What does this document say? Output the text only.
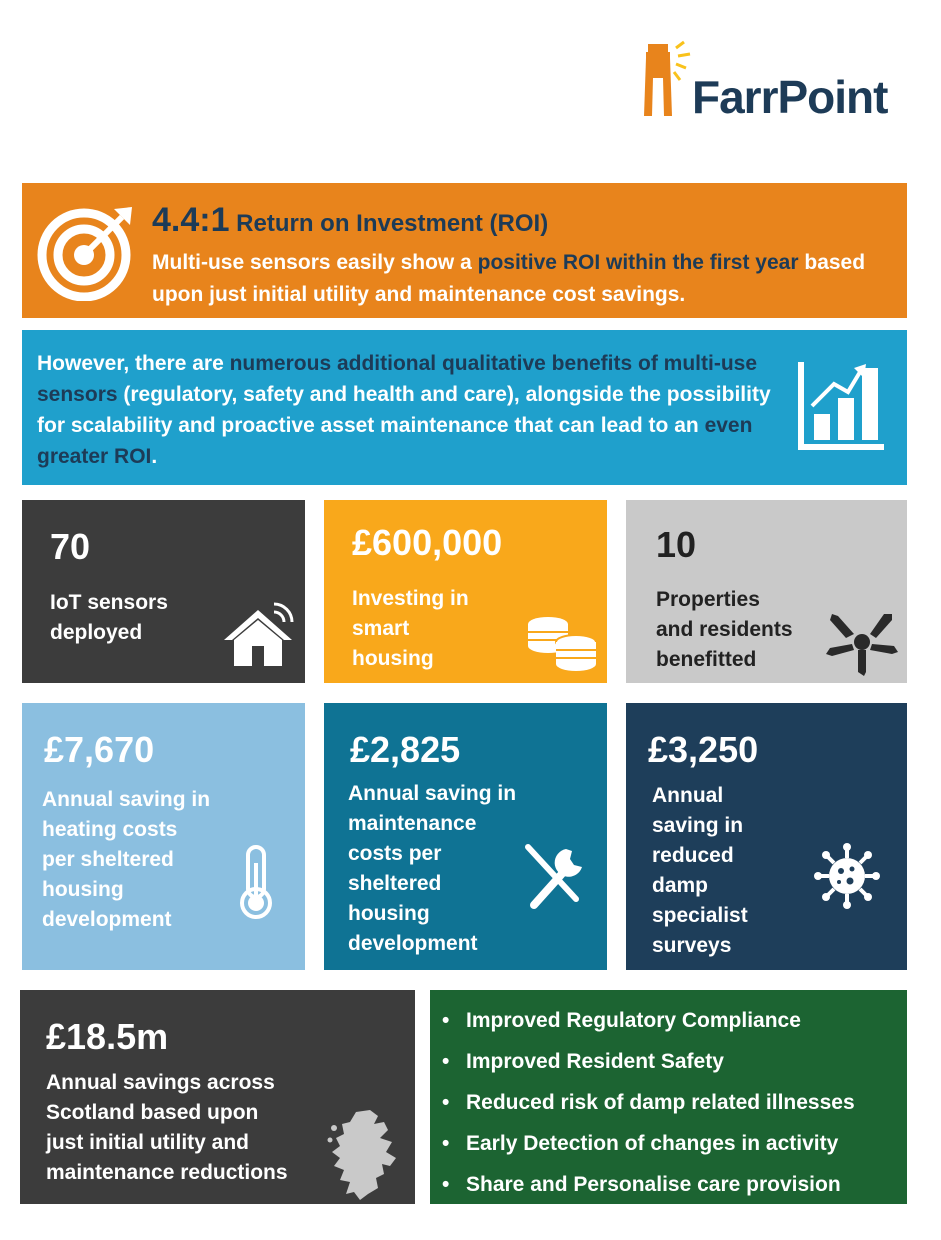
FarrPoint
4.4:1 Return on Investment (ROI)
Multi-use sensors easily show a positive ROI within the first year based upon just initial utility and maintenance cost savings.
However, there are numerous additional qualitative benefits of multi-use sensors (regulatory, safety and health and care), alongside the possibility for scalability and proactive asset maintenance that can lead to an even greater ROI.
70
IoT sensors
deployed
£600,000
Investing in
smart
housing
10
Properties
and residents
benefitted
£7,670
Annual saving in
heating costs
per sheltered
housing
development
£2,825
Annual saving in
maintenance
costs per
sheltered
housing
development
£3,250
Annual
saving in
reduced
damp
specialist
surveys
£18.5m
Annual savings across
Scotland based upon
just initial utility and
maintenance reductions
• Improved Regulatory Compliance
• Improved Resident Safety
• Reduced risk of damp related illnesses
• Early Detection of changes in activity
• Share and Personalise care provision
